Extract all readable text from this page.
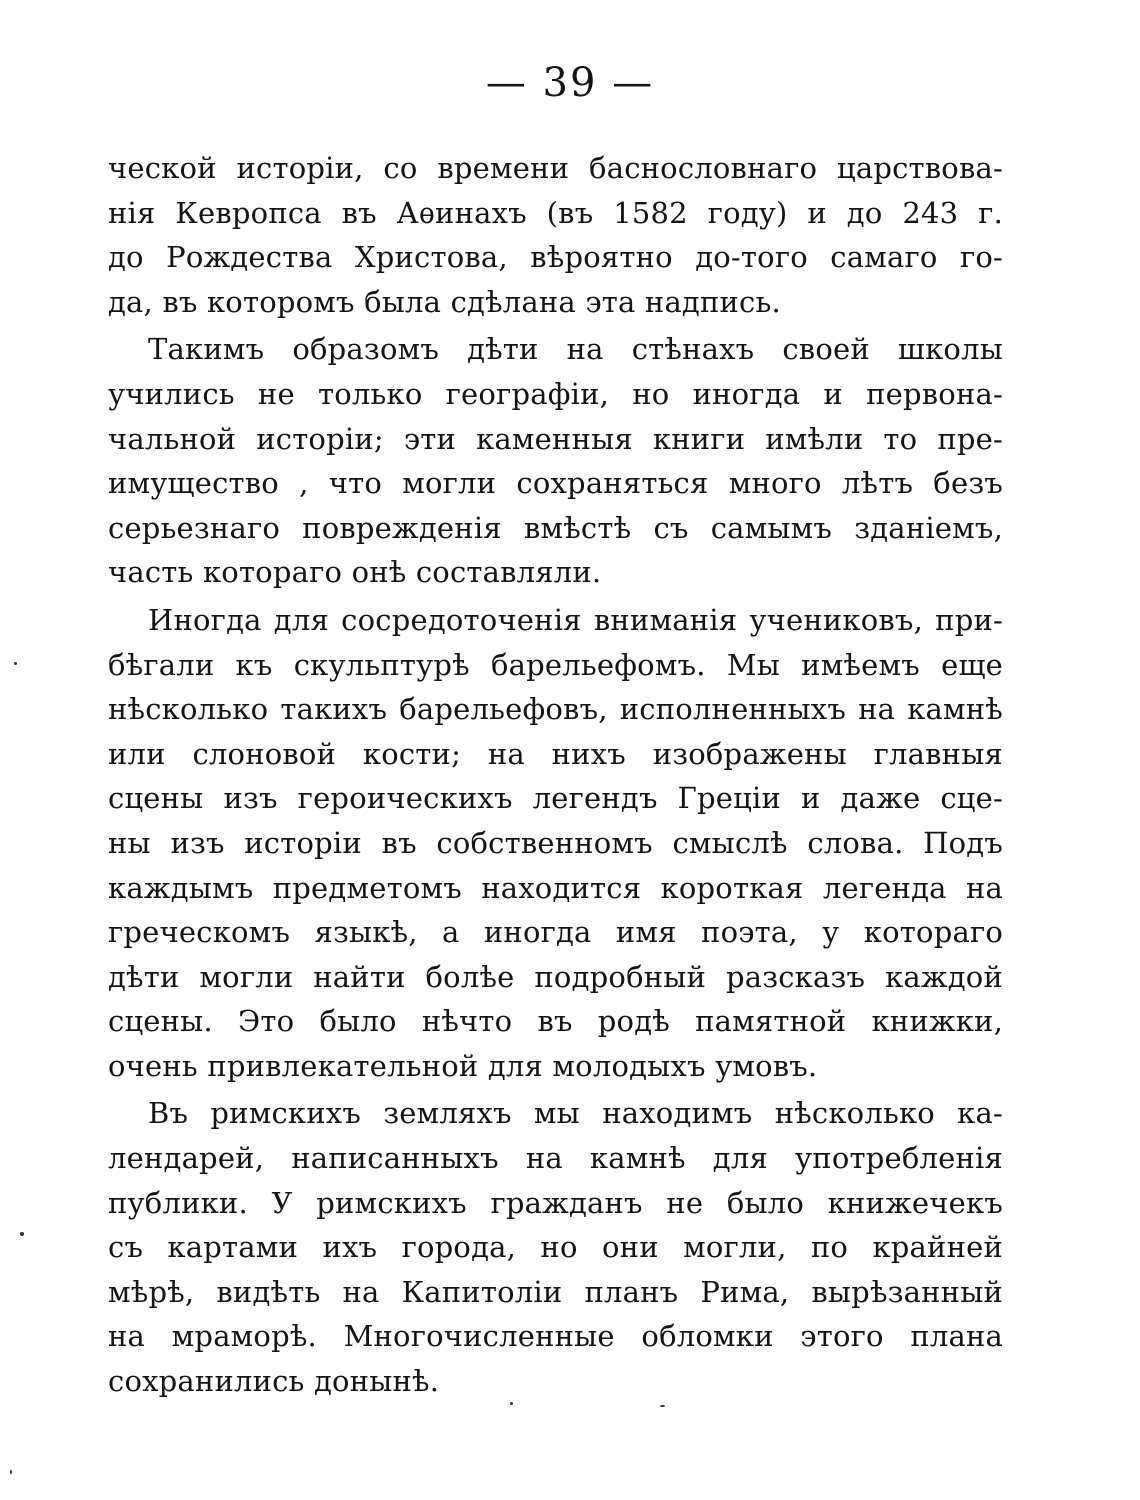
— 39 —
ческой исторіи, со времени баснословнаго царствова-
нія Кевропса въ Аѳинахъ (въ 1582 году) и до 243 г.
до Рождества Христова, вѣроятно до-того самаго го-
да, въ которомъ была сдѣлана эта надпись.
Такимъ образомъ дѣти на стѣнахъ своей школы
учились не только географіи, но иногда и первона-
чальной исторіи; эти каменныя книги имѣли то пре-
имущество , что могли сохраняться много лѣтъ безъ
серьезнаго поврежденія вмѣстѣ съ самымъ зданіемъ,
часть котораго онѣ составляли.
Иногда для сосредоточенія вниманія учениковъ, при-
бѣгали къ скульптурѣ барельефомъ. Мы имѣемъ еще
нѣсколько такихъ барельефовъ, исполненныхъ на камнѣ
или слоновой кости; на нихъ изображены главныя
сцены изъ героическихъ легендъ Греціи и даже сце-
ны изъ исторіи въ собственномъ смыслѣ слова. Подъ
каждымъ предметомъ находится короткая легенда на
греческомъ языкѣ, а иногда имя поэта, у котораго
дѣти могли найти болѣе подробный разсказъ каждой
сцены. Это было нѣчто въ родѣ памятной книжки,
очень привлекательной для молодыхъ умовъ.
Въ римскихъ земляхъ мы находимъ нѣсколько ка-
лендарей, написанныхъ на камнѣ для употребленія
публики. У римскихъ гражданъ не было книжечекъ
съ картами ихъ города, но они могли, по крайней
мѣрѣ, видѣть на Капитоліи планъ Рима, вырѣзанный
на мраморѣ. Многочисленные обломки этого плана
сохранились донынѣ.
